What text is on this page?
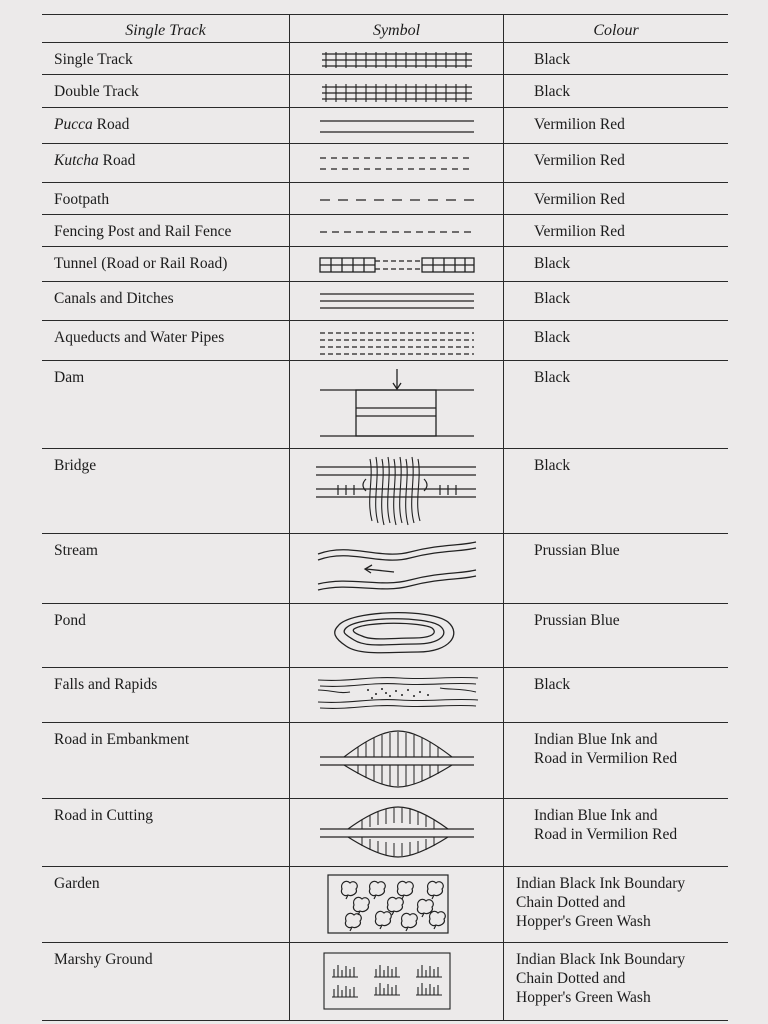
Single Track	Symbol	Colour
Single Track		Black
Double Track		Black
Pucca Road		Vermilion Red
Kutcha Road		Vermilion Red
Footpath		Vermilion Red
Fencing Post and Rail Fence		Vermilion Red
Tunnel (Road or Rail Road)		Black
Canals and Ditches		Black
Aqueducts and Water Pipes		Black
Dam		Black
Bridge		Black
Stream		Prussian Blue
Pond		Prussian Blue
Falls and Rapids		Black
Road in Embankment		Indian Blue Ink and
Road in Vermilion Red
Road in Cutting		Indian Blue Ink and
Road in Vermilion Red
Garden		Indian Black Ink Boundary
Chain Dotted and
Hopper's Green Wash
Marshy Ground		Indian Black Ink Boundary
Chain Dotted and
Hopper's Green Wash
